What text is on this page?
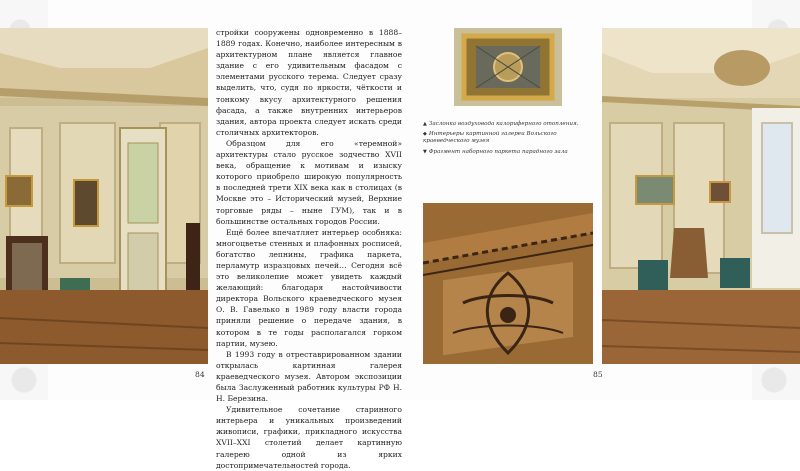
стройки сооружены одновременно в 1888–1889 годах. Конечно, наиболее интересным в архитектурном плане является главное здание с его удивительным фасадом с элементами русского терема. Следует сразу выделить, что, судя по яркости, чёткости и тонкому вкусу архитектурного решения фасада, а также внутренних интерьеров здания, автора проекта следует искать среди столичных архитекторов.

Образцом для его «теремной» архитектуры стало русское зодчество XVII века, обращение к мотивам и изыску которого приобрело широкую популярность в последней трети XIX века как в столицах (в Москве это – Исторический музей, Верхние торговые ряды – ныне ГУМ), так и в большинстве остальных городов России.

Ещё более впечатляет интерьер особняка: многоцветье стенных и плафонных росписей, богатство лепнины, графика паркета, перламутр изразцовых печей… Сегодня всё это великолепие может увидеть каждый желающий: благодаря настойчивости директора Вольского краеведческого музея О. В. Гавелько в 1989 году власти города приняли решение о передаче здания, в котором в те годы располагался горком партии, музею.

В 1993 году в отреставрированном здании открылась картинная галерея краеведческого музея. Автором экспозиции была Заслуженный работник культуры РФ Н. Н. Березина.

Удивительное сочетание старинного интерьера и уникальных произведений живописи, графики, прикладного искусства XVII–XXI столетий делает картинную галерею одной из ярких достопримечательностей города.

84
▲ Заслонка воздуховода калориферного отопления.
◆ Интерьеры картинной галереи Вольского краеведческого музея
▼ Фрагмент наборного паркета парадного зала
85
